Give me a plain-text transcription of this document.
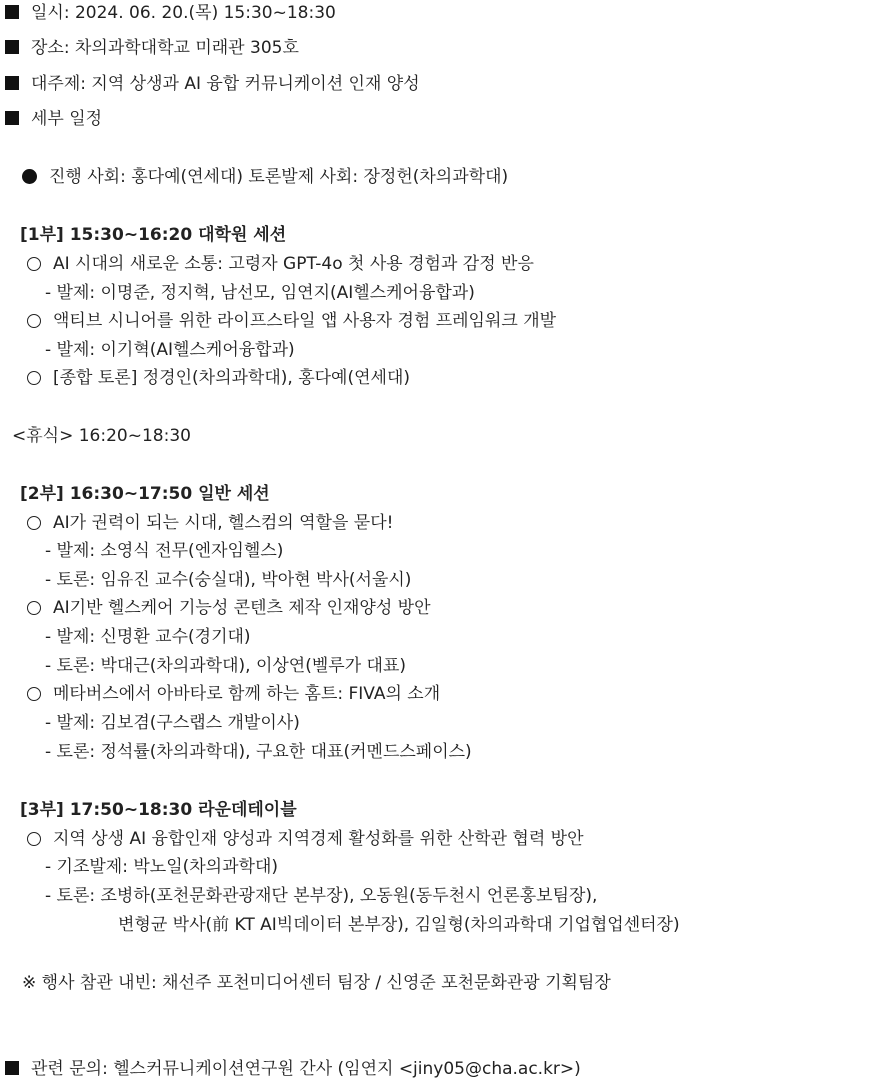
일시: 2024. 06. 20.(목) 15:30~18:30
장소: 차의과학대학교 미래관 305호
대주제: 지역 상생과 AI 융합 커뮤니케이션 인재 양성
세부 일정
진행 사회: 홍다예(연세대) 토론발제 사회: 장정헌(차의과학대)
[1부] 15:30~16:20 대학원 세션
AI 시대의 새로운 소통: 고령자 GPT-4o 첫 사용 경험과 감정 반응
- 발제: 이명준, 정지혁, 남선모, 임연지(AI헬스케어융합과)
액티브 시니어를 위한 라이프스타일 앱 사용자 경험 프레임워크 개발
- 발제: 이기혁(AI헬스케어융합과)
[종합 토론] 정경인(차의과학대), 홍다예(연세대)
<휴식> 16:20~18:30
[2부] 16:30~17:50 일반 세션
AI가 권력이 되는 시대, 헬스컴의 역할을 묻다!
- 발제: 소영식 전무(엔자임헬스)
- 토론: 임유진 교수(숭실대), 박아현 박사(서울시)
AI기반 헬스케어 기능성 콘텐츠 제작 인재양성 방안
- 발제: 신명환 교수(경기대)
- 토론: 박대근(차의과학대), 이상연(벨루가 대표)
메타버스에서 아바타로 함께 하는 홈트: FIVA의 소개
- 발제: 김보겸(구스랩스 개발이사)
- 토론: 정석률(차의과학대), 구요한 대표(커멘드스페이스)
[3부] 17:50~18:30 라운데테이블
지역 상생 AI 융합인재 양성과 지역경제 활성화를 위한 산학관 협력 방안
- 기조발제: 박노일(차의과학대)
- 토론: 조병하(포천문화관광재단 본부장), 오동원(동두천시 언론홍보팀장),
변형균 박사(前 KT AI빅데이터 본부장), 김일형(차의과학대 기업협업센터장)
※ 행사 참관 내빈: 채선주 포천미디어센터 팀장 / 신영준 포천문화관광 기획팀장
관련 문의: 헬스커뮤니케이션연구원 간사 (임연지 <jiny05@cha.ac.kr>)
